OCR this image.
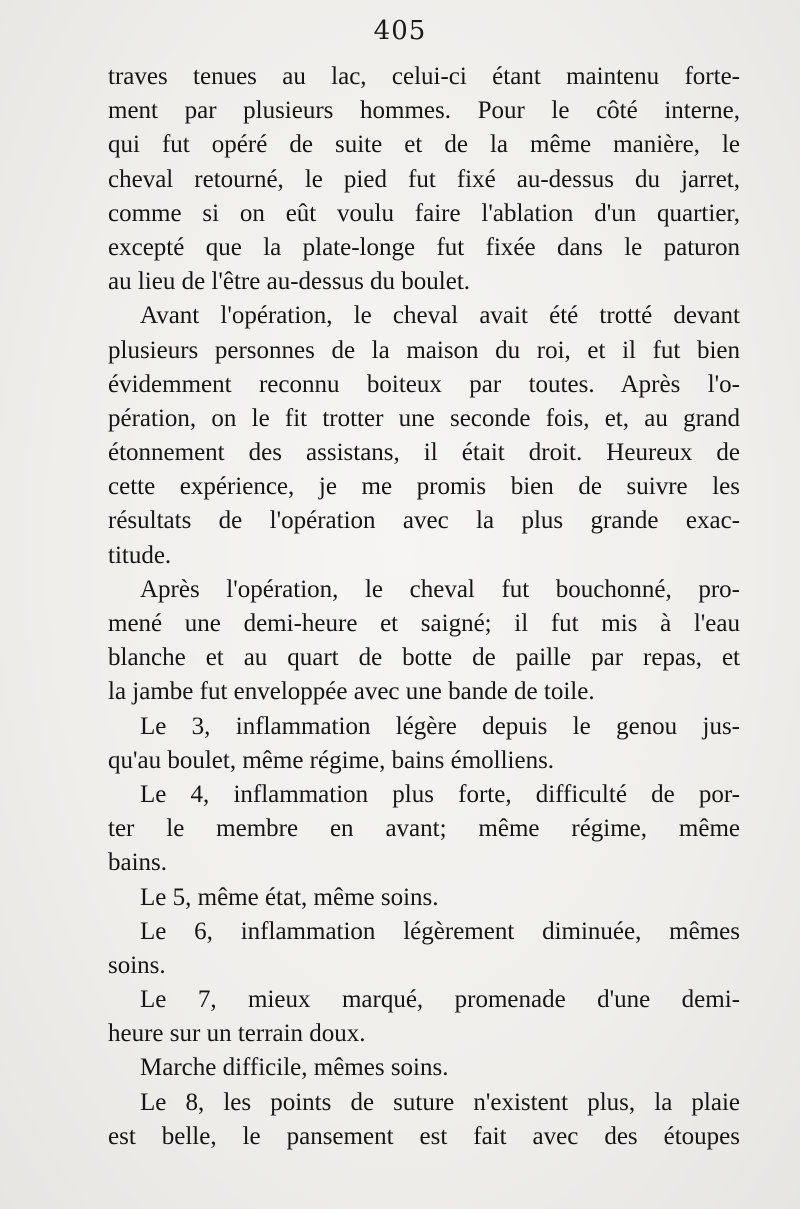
405
traves tenues au lac, celui-ci étant maintenu forte-
ment par plusieurs hommes. Pour le côté interne,
qui fut opéré de suite et de la même manière, le
cheval retourné, le pied fut fixé au-dessus du jarret,
comme si on eût voulu faire l'ablation d'un quartier,
excepté que la plate-longe fut fixée dans le paturon
au lieu de l'être au-dessus du boulet.
Avant l'opération, le cheval avait été trotté devant
plusieurs personnes de la maison du roi, et il fut bien
évidemment reconnu boiteux par toutes. Après l'o-
pération, on le fit trotter une seconde fois, et, au grand
étonnement des assistans, il était droit. Heureux de
cette expérience, je me promis bien de suivre les
résultats de l'opération avec la plus grande exac-
titude.
Après l'opération, le cheval fut bouchonné, pro-
mené une demi-heure et saigné; il fut mis à l'eau
blanche et au quart de botte de paille par repas, et
la jambe fut enveloppée avec une bande de toile.
Le 3, inflammation légère depuis le genou jus-
qu'au boulet, même régime, bains émolliens.
Le 4, inflammation plus forte, difficulté de por-
ter le membre en avant; même régime, même
bains.
Le 5, même état, même soins.
Le 6, inflammation légèrement diminuée, mêmes
soins.
Le 7, mieux marqué, promenade d'une demi-
heure sur un terrain doux.
Marche difficile, mêmes soins.
Le 8, les points de suture n'existent plus, la plaie
est belle, le pansement est fait avec des étoupes
